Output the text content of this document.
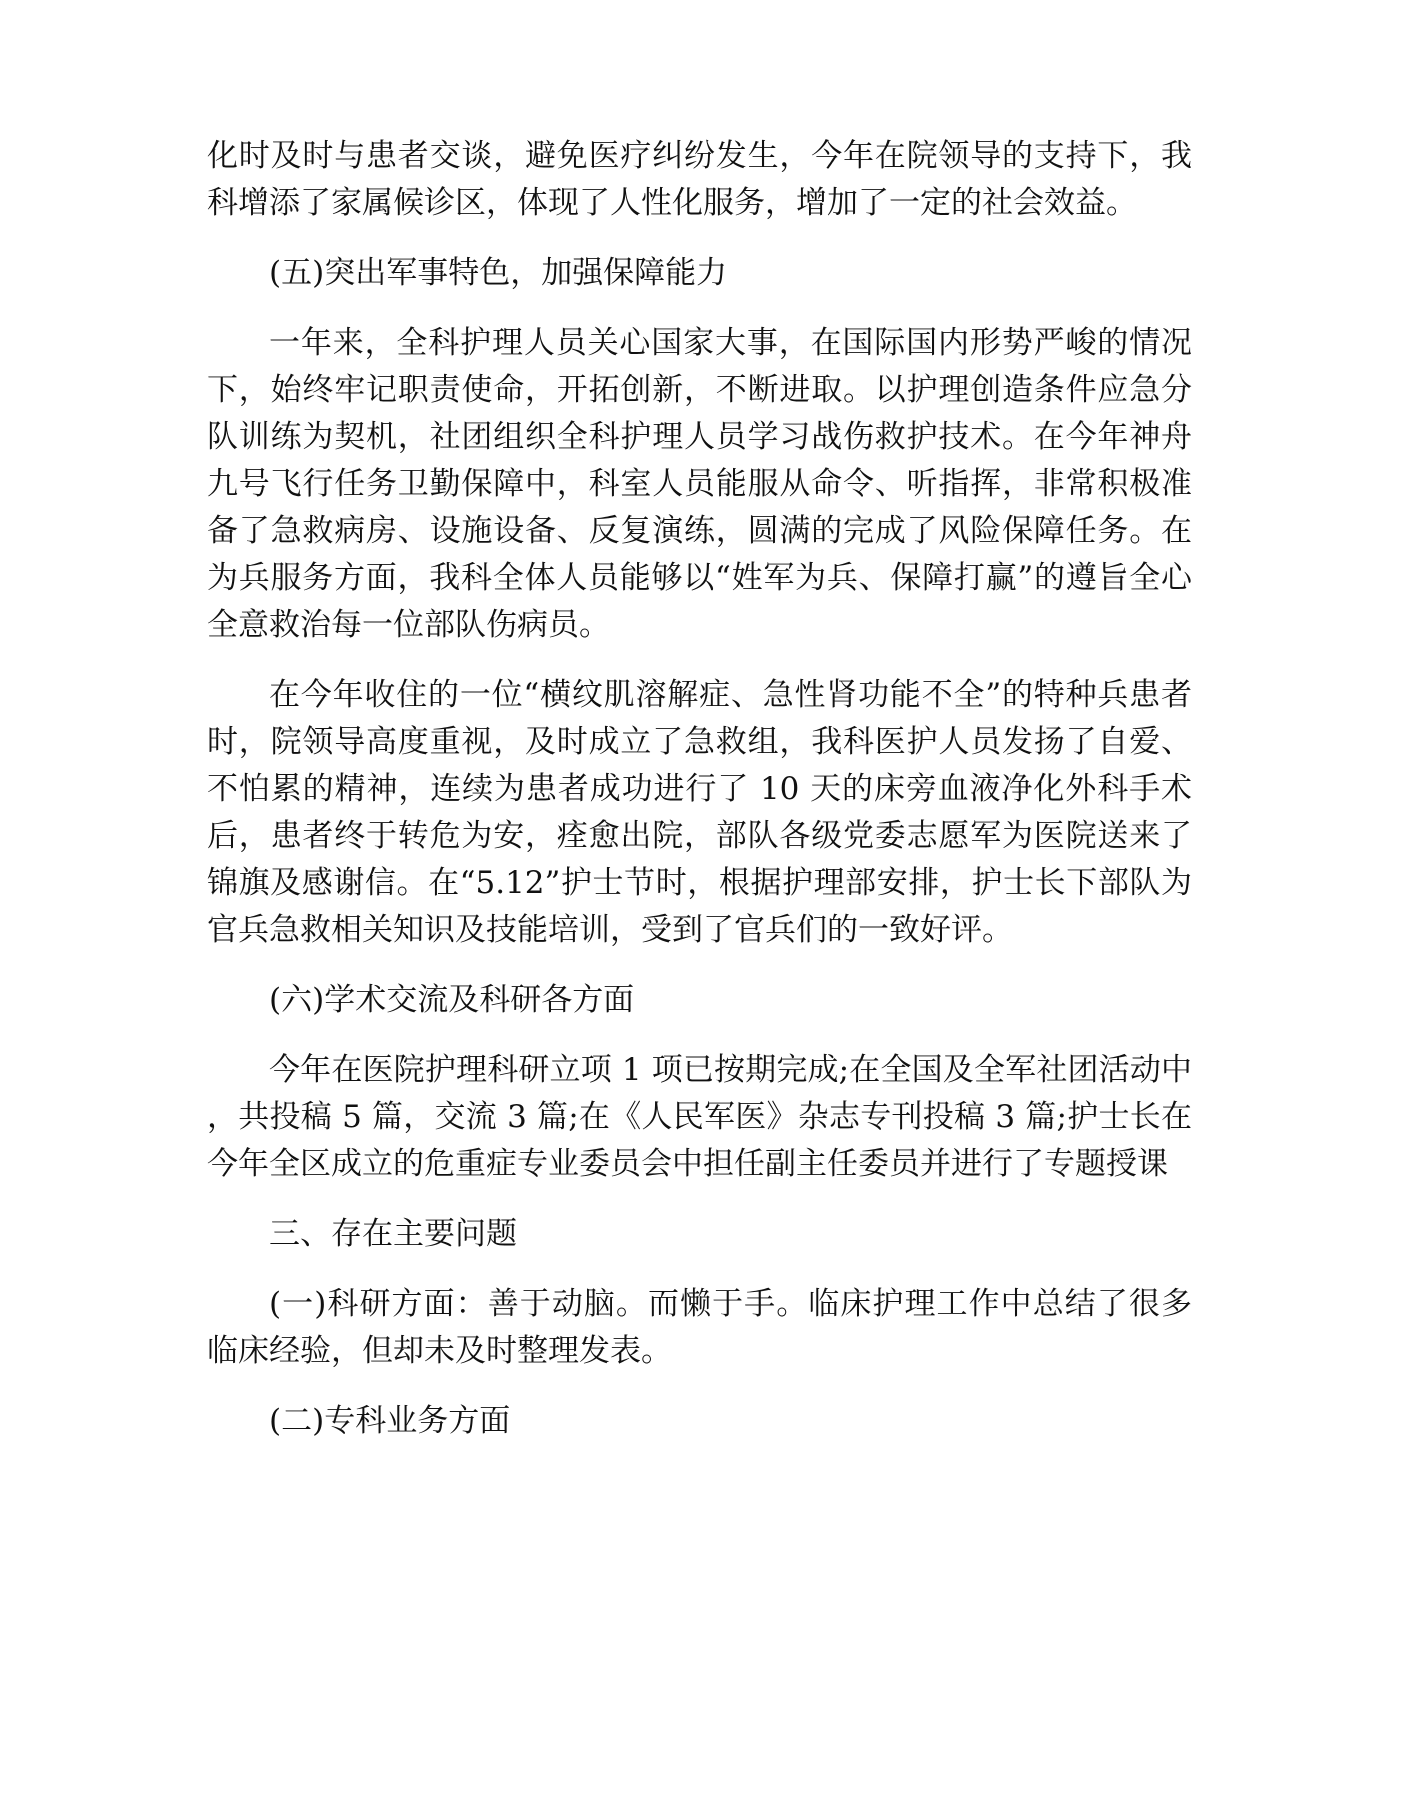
化时及时与患者交谈，避免医疗纠纷发生，今年在院领导的支持下，我科增添了家属候诊区，体现了人性化服务，增加了一定的社会效益。

(五)突出军事特色，加强保障能力

一年来，全科护理人员关心国家大事，在国际国内形势严峻的情况下，始终牢记职责使命，开拓创新，不断进取。以护理创造条件应急分队训练为契机，社团组织全科护理人员学习战伤救护技术。在今年神舟九号飞行任务卫勤保障中，科室人员能服从命令、听指挥，非常积极准备了急救病房、设施设备、反复演练，圆满的完成了风险保障任务。在为兵服务方面，我科全体人员能够以“姓军为兵、保障打赢”的遵旨全心全意救治每一位部队伤病员。

在今年收住的一位“横纹肌溶解症、急性肾功能不全”的特种兵患者时，院领导高度重视，及时成立了急救组，我科医护人员发扬了自爱、不怕累的精神，连续为患者成功进行了 10 天的床旁血液净化外科手术后，患者终于转危为安，痊愈出院，部队各级党委志愿军为医院送来了锦旗及感谢信。在“5.12”护士节时，根据护理部安排，护士长下部队为官兵急救相关知识及技能培训，受到了官兵们的一致好评。

(六)学术交流及科研各方面

今年在医院护理科研立项 1 项已按期完成;在全国及全军社团活动中，共投稿 5 篇，交流 3 篇;在《人民军医》杂志专刊投稿 3 篇;护士长在今年全区成立的危重症专业委员会中担任副主任委员并进行了专题授课

三、存在主要问题

(一)科研方面：善于动脑。而懒于手。临床护理工作中总结了很多临床经验，但却未及时整理发表。

(二)专科业务方面
